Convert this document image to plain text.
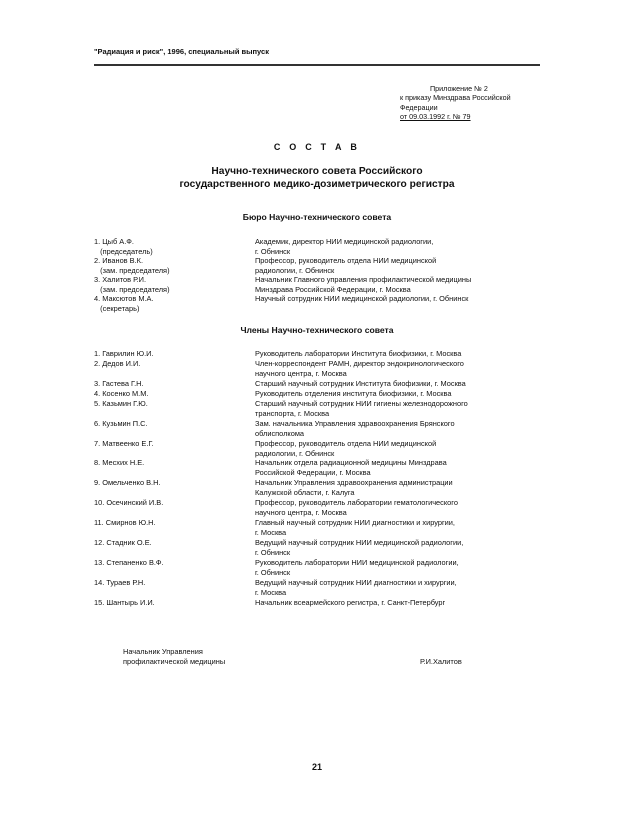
"Радиация и риск", 1996, специальный выпуск
Приложение № 2
к приказу Минздрава Российской
Федерации
от 09.03.1992 г. № 79
С О С Т А В
Научно-технического совета Российского
государственного медико-дозиметрического регистра
Бюро Научно-технического совета
1. Цыб А.Ф.	Академик, директор НИИ медицинской радиологии,
(председатель)	г. Обнинск
2. Иванов В.К.	Профессор, руководитель отдела НИИ медицинской
(зам. председателя)	радиологии, г. Обнинск
3. Халитов Р.И.	Начальник Главного управления профилактической медицины
(зам. председателя)	Минздрава Российской Федерации, г. Москва
4. Максютов М.А.	Научный сотрудник НИИ медицинской радиологии, г. Обнинск
(секретарь)

Члены Научно-технического совета
1. Гаврилин Ю.И.	Руководитель лаборатории Института биофизики, г. Москва
2. Дедов И.И.	Член-корреспондент РАМН, директор эндокринологического
научного центра, г. Москва
3. Гастева Г.Н.	Старший научный сотрудник Института биофизики, г. Москва
4. Косенко М.М.	Руководитель отделения института биофизики, г. Москва
5. Казьмин Г.Ю.	Старший научный сотрудник НИИ гигиены железнодорожного
транспорта, г. Москва
6. Кузьмин П.С.	Зам. начальника Управления здравоохранения Брянского
облисполкома
7. Матвеенко Е.Г.	Профессор, руководитель отдела НИИ медицинской
радиологии, г. Обнинск
8. Месхих Н.Е.	Начальник отдела радиационной медицины Минздрава
Российской Федерации, г. Москва
9. Омельченко В.Н.	Начальник Управления здравоохранения администрации
Калужской области, г. Калуга
10. Осечинский И.В.	Профессор, руководитель лаборатории гематологического
научного центра, г. Москва
11. Смирнов Ю.Н.	Главный научный сотрудник НИИ диагностики и хирургии,
г. Москва
12. Стадник О.Е.	Ведущий научный сотрудник НИИ медицинской радиологии,
г. Обнинск
13. Степаненко В.Ф.	Руководитель лаборатории НИИ медицинской радиологии,
г. Обнинск
14. Тураев Р.Н.	Ведущий научный сотрудник НИИ диагностики и хирургии,
г. Москва
15. Шантырь И.И.	Начальник всеармейского регистра, г. Санкт-Петербург
Начальник Управления
профилактической медицины	Р.И.Халитов
21
